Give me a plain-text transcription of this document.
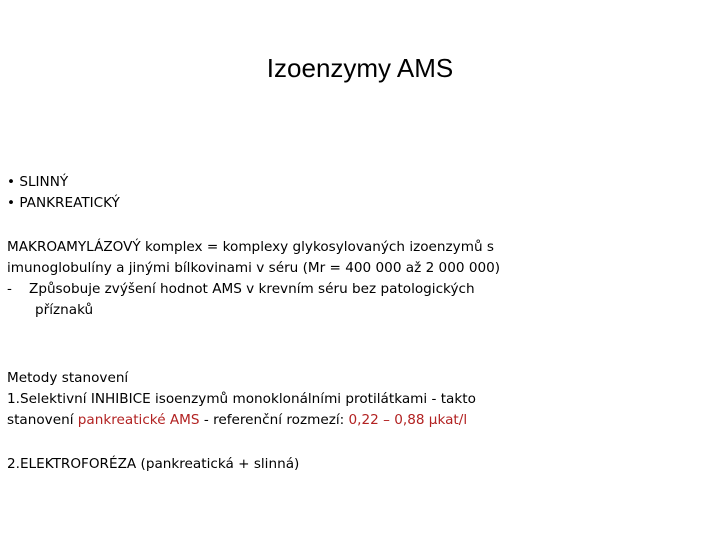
Izoenzymy AMS
• SLINNÝ
• PANKREATICKÝ
MAKROAMYLÁZOVÝ komplex = komplexy glykosylovaných izoenzymů s
imunoglobulíny a jinými bílkovinami v séru (Mr = 400 000 až 2 000 000)
-	Způsobuje zvýšení hodnot AMS v krevním séru bez patologických
příznaků
Metody stanovení
1.Selektivní INHIBICE isoenzymů monoklonálními protilátkami - takto
stanovení pankreatické AMS - referenční rozmezí: 0,22 – 0,88 µkat/l
2.ELEKTROFORÉZA (pankreatická + slinná)
